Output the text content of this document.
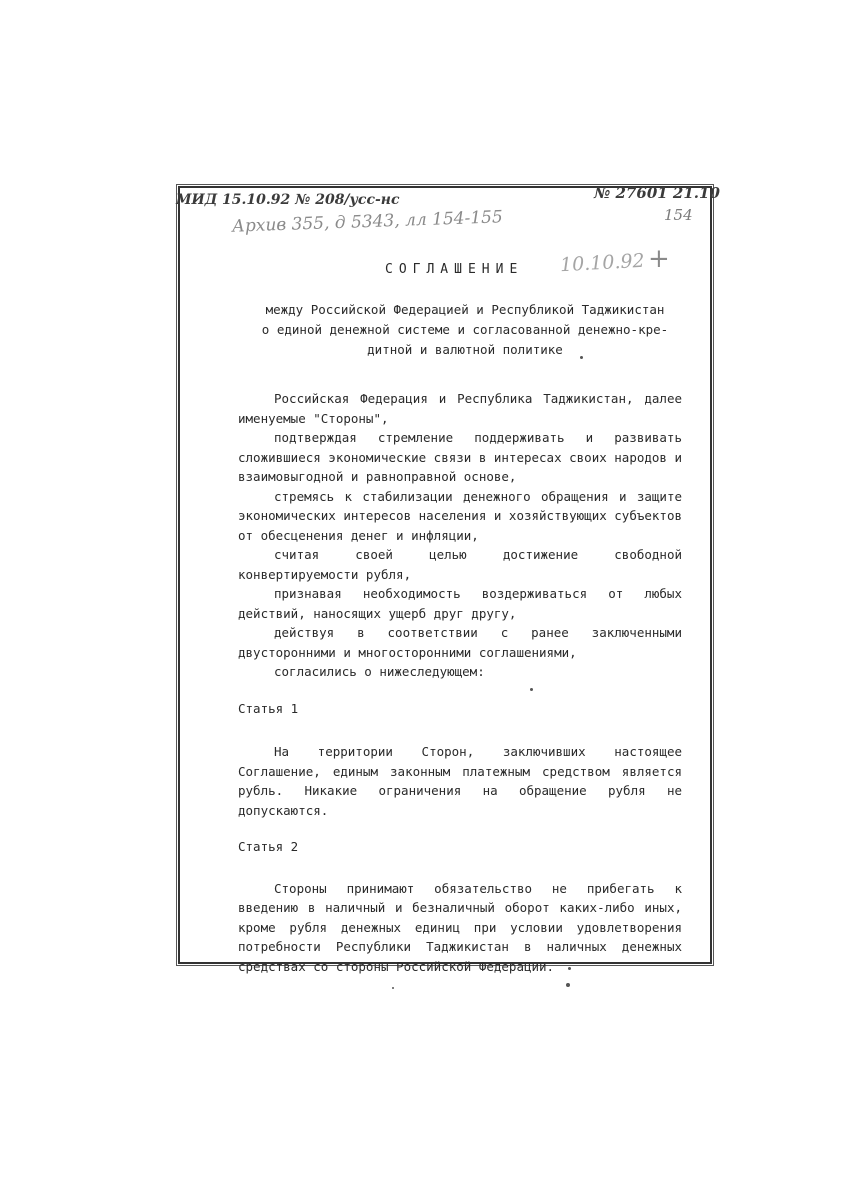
МИД 15.10.92 № 208/усс-нс	№ 27601 21.10
Архив 355, д 5343, лл 154-155	154
10.10.92 +
СОГЛАШЕНИЕ
между Российской Федерацией и Республикой Таджикистан
о единой денежной системе и согласованной денежно-кре-
дитной и валютной политике

Российская Федерация и Республика Таджикистан, далее именуемые "Стороны",

подтверждая стремление поддерживать и развивать сложившиеся экономические связи в интересах своих народов и взаимовыгодной и равноправной основе,

стремясь к стабилизации денежного обращения и защите экономических интересов населения и хозяйствующих субъектов от обесценения денег и инфляции,

считая своей целью достижение свободной конвертируемости рубля,

признавая необходимость воздерживаться от любых действий, наносящих ущерб друг другу,

действуя в соответствии с ранее заключенными двусторонними и многосторонними соглашениями,

согласились о нижеследующем:

Статья 1

На территории Сторон, заключивших настоящее Соглашение, единым законным платежным средством является рубль. Никакие ограничения на обращение рубля не допускаются.

Статья 2

Стороны принимают обязательство не прибегать к введению в наличный и безналичный оборот каких-либо иных, кроме рубля денежных единиц при условии удовлетворения потребности Республики Таджикистан в наличных денежных средствах со стороны Российской Федерации.
